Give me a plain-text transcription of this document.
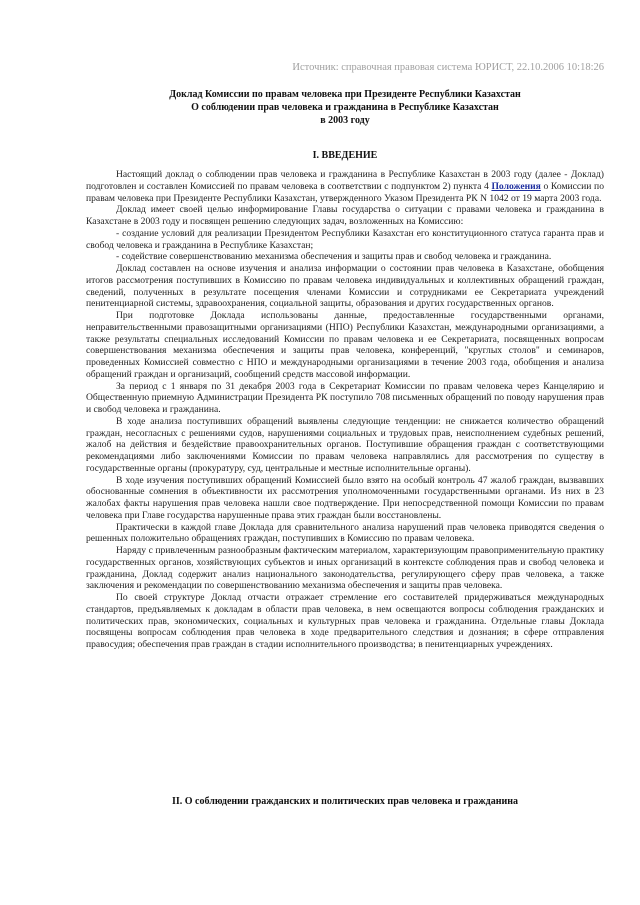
Источник: справочная правовая система ЮРИСТ, 22.10.2006 10:18:26
Доклад Комиссии по правам человека при Президенте Республики Казахстан
О соблюдении прав человека и гражданина в Республике Казахстан
в 2003 году
I. ВВЕДЕНИЕ

Настоящий доклад о соблюдении прав человека и гражданина в Республике Казахстан в 2003 году (далее - Доклад) подготовлен и составлен Комиссией по правам человека в соответствии с подпунктом 2) пункта 4 Положения о Комиссии по правам человека при Президенте Республики Казахстан, утвержденного Указом Президента РК N 1042 от 19 марта 2003 года.

Доклад имеет своей целью информирование Главы государства о ситуации с правами человека и гражданина в Казахстане в 2003 году и посвящен решению следующих задач, возложенных на Комиссию:

- создание условий для реализации Президентом Республики Казахстан его конституционного статуса гаранта прав и свобод человека и гражданина в Республике Казахстан;

- содействие совершенствованию механизма обеспечения и защиты прав и свобод человека и гражданина.

Доклад составлен на основе изучения и анализа информации о состоянии прав человека в Казахстане, обобщения итогов рассмотрения поступивших в Комиссию по правам человека индивидуальных и коллективных обращений граждан, сведений, полученных в результате посещения членами Комиссии и сотрудниками ее Секретариата учреждений пенитенциарной системы, здравоохранения, социальной защиты, образования и других государственных органов.

При подготовке Доклада использованы данные, предоставленные государственными органами, неправительственными правозащитными организациями (НПО) Республики Казахстан, международными организациями, а также результаты специальных исследований Комиссии по правам человека и ее Секретариата, посвященных вопросам совершенствования механизма обеспечения и защиты прав человека, конференций, "круглых столов" и семинаров, проведенных Комиссией совместно с НПО и международными организациями в течение 2003 года, обобщения и анализа обращений граждан и организаций, сообщений средств массовой информации.

За период с 1 января по 31 декабря 2003 года в Секретариат Комиссии по правам человека через Канцелярию и Общественную приемную Администрации Президента РК поступило 708 письменных обращений по поводу нарушения прав и свобод человека и гражданина.

В ходе анализа поступивших обращений выявлены следующие тенденции: не снижается количество обращений граждан, несогласных с решениями судов, нарушениями социальных и трудовых прав, неисполнением судебных решений, жалоб на действия и бездействие правоохранительных органов. Поступившие обращения граждан с соответствующими рекомендациями либо заключениями Комиссии по правам человека направлялись для рассмотрения по существу в государственные органы (прокуратуру, суд, центральные и местные исполнительные органы).

В ходе изучения поступивших обращений Комиссией было взято на особый контроль 47 жалоб граждан, вызвавших обоснованные сомнения в объективности их рассмотрения уполномоченными государственными органами. Из них в 23 жалобах факты нарушения прав человека нашли свое подтверждение. При непосредственной помощи Комиссии по правам человека при Главе государства нарушенные права этих граждан были восстановлены.

Практически в каждой главе Доклада для сравнительного анализа нарушений прав человека приводятся сведения о решенных положительно обращениях граждан, поступивших в Комиссию по правам человека.

Наряду с привлеченным разнообразным фактическим материалом, характеризующим правоприменительную практику государственных органов, хозяйствующих субъектов и иных организаций в контексте соблюдения прав и свобод человека и гражданина, Доклад содержит анализ национального законодательства, регулирующего сферу прав человека, а также заключения и рекомендации по совершенствованию механизма обеспечения и защиты прав человека.

По своей структуре Доклад отчасти отражает стремление его составителей придерживаться международных стандартов, предъявляемых к докладам в области прав человека, в нем освещаются вопросы соблюдения гражданских и политических прав, экономических, социальных и культурных прав человека и гражданина. Отдельные главы Доклада посвящены вопросам соблюдения прав человека в ходе предварительного следствия и дознания; в сфере отправления правосудия; обеспечения прав граждан в стадии исполнительного производства; в пенитенциарных учреждениях.

II. О соблюдении гражданских и политических прав человека и гражданина
